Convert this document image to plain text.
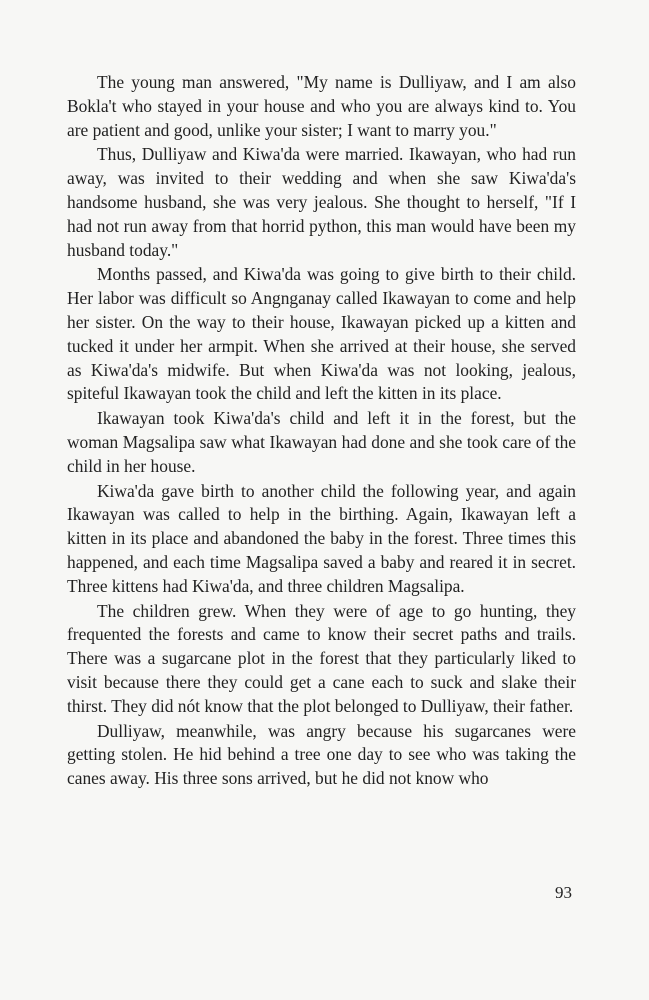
The young man answered, "My name is Dulliyaw, and I am also Bokla't who stayed in your house and who you are always kind to. You are patient and good, unlike your sister; I want to marry you."

Thus, Dulliyaw and Kiwa'da were married. Ikawayan, who had run away, was invited to their wedding and when she saw Kiwa'da's handsome husband, she was very jealous. She thought to herself, "If I had not run away from that horrid python, this man would have been my husband today."

Months passed, and Kiwa'da was going to give birth to their child. Her labor was difficult so Angnganay called Ikawayan to come and help her sister. On the way to their house, Ikawayan picked up a kitten and tucked it under her armpit. When she arrived at their house, she served as Kiwa'da's midwife. But when Kiwa'da was not looking, jealous, spiteful Ikawayan took the child and left the kitten in its place.

Ikawayan took Kiwa'da's child and left it in the forest, but the woman Magsalipa saw what Ikawayan had done and she took care of the child in her house.

Kiwa'da gave birth to another child the following year, and again Ikawayan was called to help in the birthing. Again, Ikawayan left a kitten in its place and abandoned the baby in the forest. Three times this happened, and each time Magsalipa saved a baby and reared it in secret. Three kittens had Kiwa'da, and three children Magsalipa.

The children grew. When they were of age to go hunting, they frequented the forests and came to know their secret paths and trails. There was a sugarcane plot in the forest that they particularly liked to visit because there they could get a cane each to suck and slake their thirst. They did nót know that the plot belonged to Dulliyaw, their father.

Dulliyaw, meanwhile, was angry because his sugarcanes were getting stolen. He hid behind a tree one day to see who was taking the canes away. His three sons arrived, but he did not know who

93
